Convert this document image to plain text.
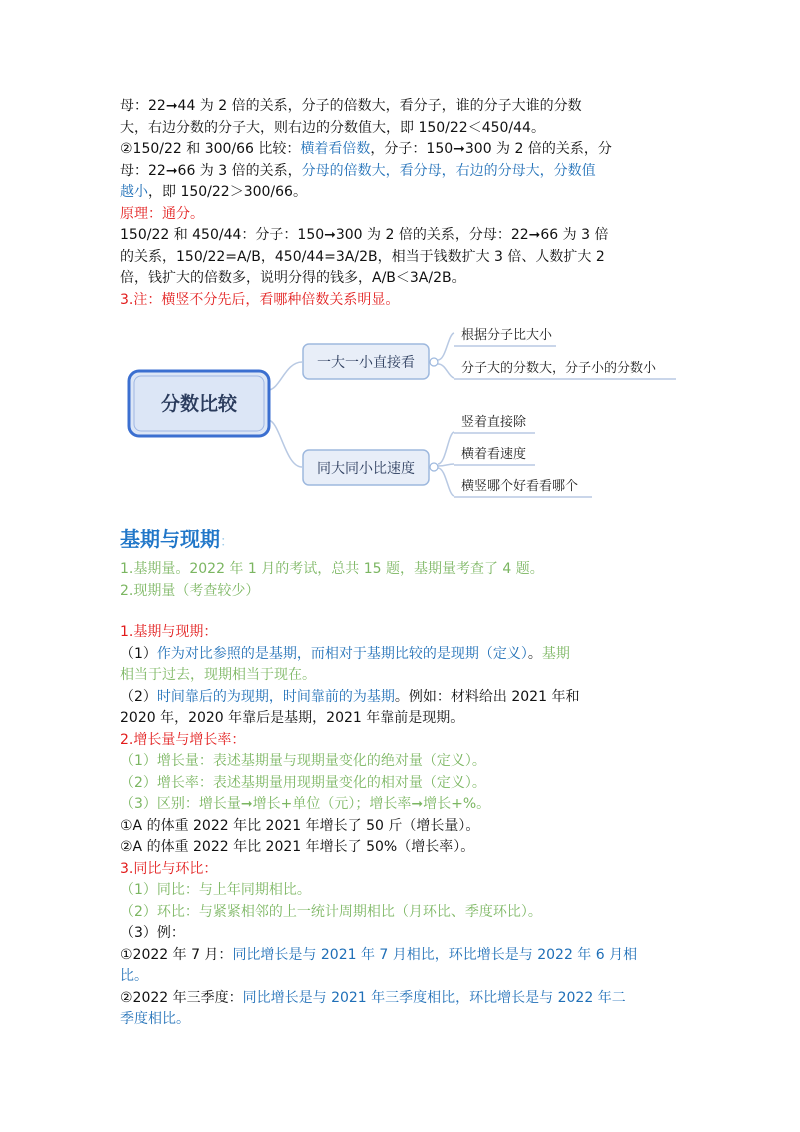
母：22➞44 为 2 倍的关系，分子的倍数大，看分子，谁的分子大谁的分数
大，右边分数的分子大，则右边的分数值大，即 150/22＜450/44。
②150/22 和 300/66 比较：横着看倍数，分子：150➞300 为 2 倍的关系，分
母：22➞66 为 3 倍的关系，分母的倍数大，看分母，右边的分母大，分数值
越小，即 150/22＞300/66。
原理：通分。
150/22 和 450/44：分子：150➞300 为 2 倍的关系，分母：22➞66 为 3 倍
的关系，150/22=A/B，450/44=3A/2B，相当于钱数扩大 3 倍、人数扩大 2
倍，钱扩大的倍数多，说明分得的钱多，A/B＜3A/2B。
3.注：横竖不分先后，看哪种倍数关系明显。
分数比较
一大一小直接看
同大同小比速度
根据分子比大小
分子大的分数大，分子小的分数小
竖着直接除
横着看速度
横竖哪个好看看哪个
基期与现期：
1.基期量。2022 年 1 月的考试，总共 15 题，基期量考查了 4 题。
2.现期量（考查较少）
1.基期与现期：
（1）作为对比参照的是基期，而相对于基期比较的是现期（定义）。基期
相当于过去，现期相当于现在。
（2）时间靠后的为现期，时间靠前的为基期。例如：材料给出 2021 年和
2020 年，2020 年靠后是基期，2021 年靠前是现期。
2.增长量与增长率：
（1）增长量：表述基期量与现期量变化的绝对量（定义）。
（2）增长率：表述基期量用现期量变化的相对量（定义）。
（3）区别：增长量➞增长+单位（元）；增长率➞增长+%。
①A 的体重 2022 年比 2021 年增长了 50 斤（增长量）。
②A 的体重 2022 年比 2021 年增长了 50%（增长率）。
3.同比与环比：
（1）同比：与上年同期相比。
（2）环比：与紧紧相邻的上一统计周期相比（月环比、季度环比）。
（3）例：
①2022 年 7 月：同比增长是与 2021 年 7 月相比，环比增长是与 2022 年 6 月相
比。
②2022 年三季度：同比增长是与 2021 年三季度相比，环比增长是与 2022 年二
季度相比。
